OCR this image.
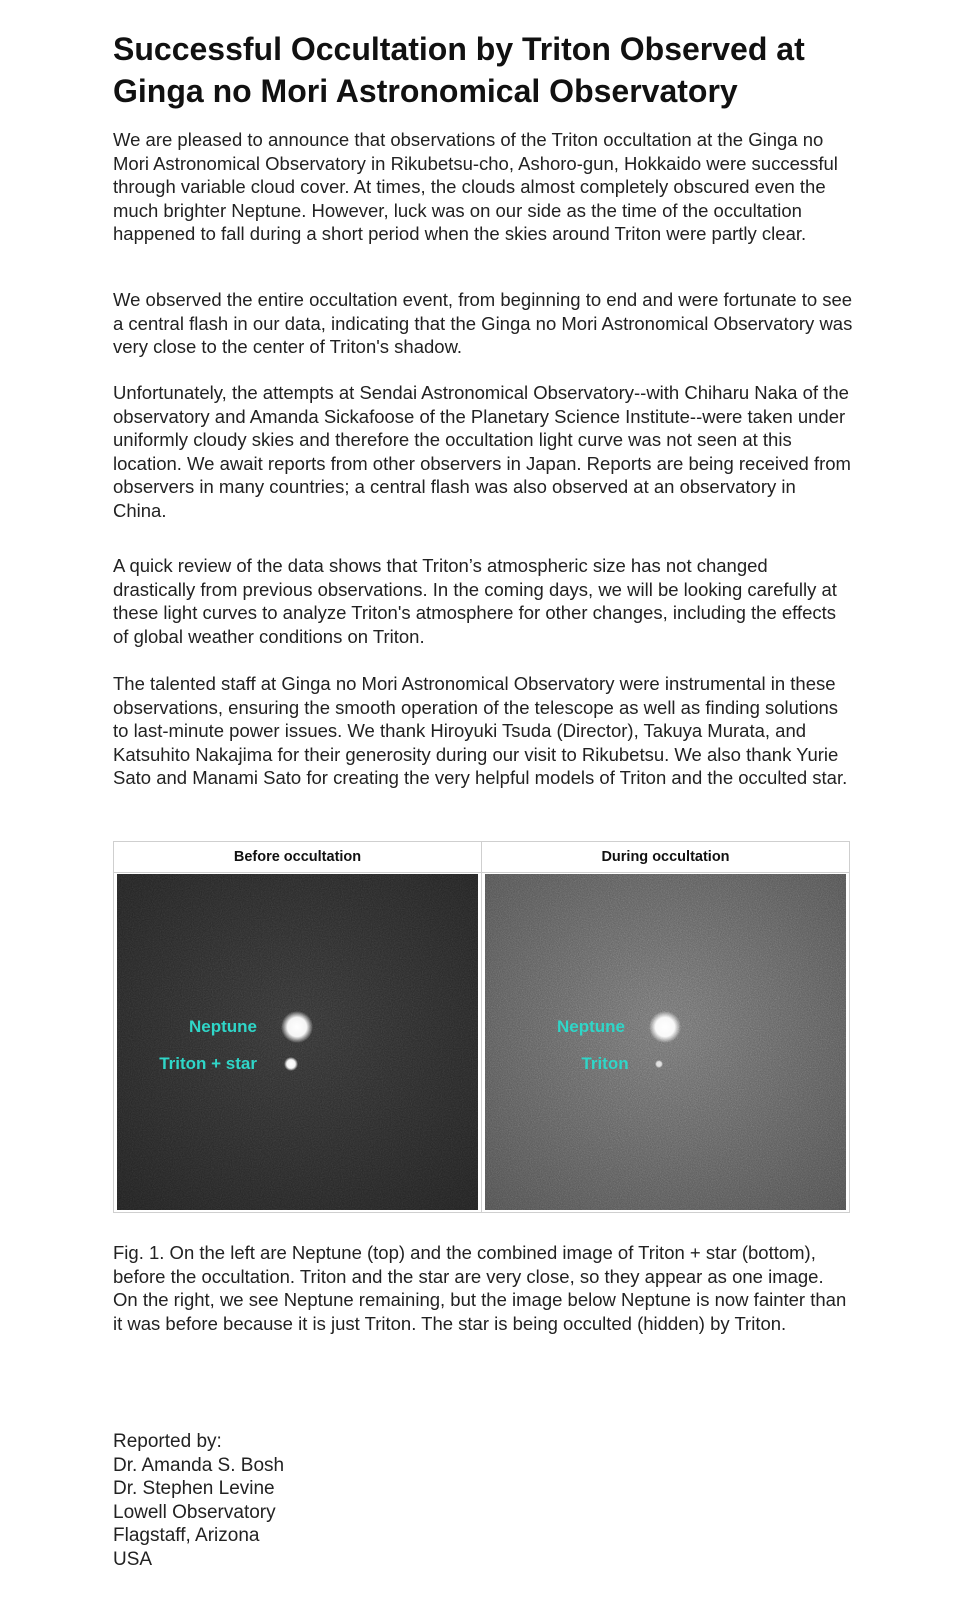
Successful Occultation by Triton Observed at Ginga no Mori Astronomical Observatory

We are pleased to announce that observations of the Triton occultation at the Ginga no Mori Astronomical Observatory in Rikubetsu-cho, Ashoro-gun, Hokkaido were successful through variable cloud cover. At times, the clouds almost completely obscured even the much brighter Neptune. However, luck was on our side as the time of the occultation happened to fall during a short period when the skies around Triton were partly clear.

We observed the entire occultation event, from beginning to end and were fortunate to see a central flash in our data, indicating that the Ginga no Mori Astronomical Observatory was very close to the center of Triton's shadow.

Unfortunately, the attempts at Sendai Astronomical Observatory--with Chiharu Naka of the observatory and Amanda Sickafoose of the Planetary Science Institute--were taken under uniformly cloudy skies and therefore the occultation light curve was not seen at this location. We await reports from other observers in Japan. Reports are being received from observers in many countries; a central flash was also observed at an observatory in China.

A quick review of the data shows that Triton’s atmospheric size has not changed drastically from previous observations. In the coming days, we will be looking carefully at these light curves to analyze Triton's atmosphere for other changes, including the effects of global weather conditions on Triton.

The talented staff at Ginga no Mori Astronomical Observatory were instrumental in these observations, ensuring the smooth operation of the telescope as well as finding solutions to last-minute power issues. We thank Hiroyuki Tsuda (Director), Takuya Murata, and Katsuhito Nakajima for their generosity during our visit to Rikubetsu. We also thank Yurie Sato and Manami Sato for creating the very helpful models of Triton and the occulted star.

Before occultation
Neptune
Triton + star
During occultation
Neptune
Triton

Fig. 1. On the left are Neptune (top) and the combined image of Triton + star (bottom), before the occultation. Triton and the star are very close, so they appear as one image. On the right, we see Neptune remaining, but the image below Neptune is now fainter than it was before because it is just Triton. The star is being occulted (hidden) by Triton.

Reported by:
Dr. Amanda S. Bosh
Dr. Stephen Levine
Lowell Observatory
Flagstaff, Arizona
USA
